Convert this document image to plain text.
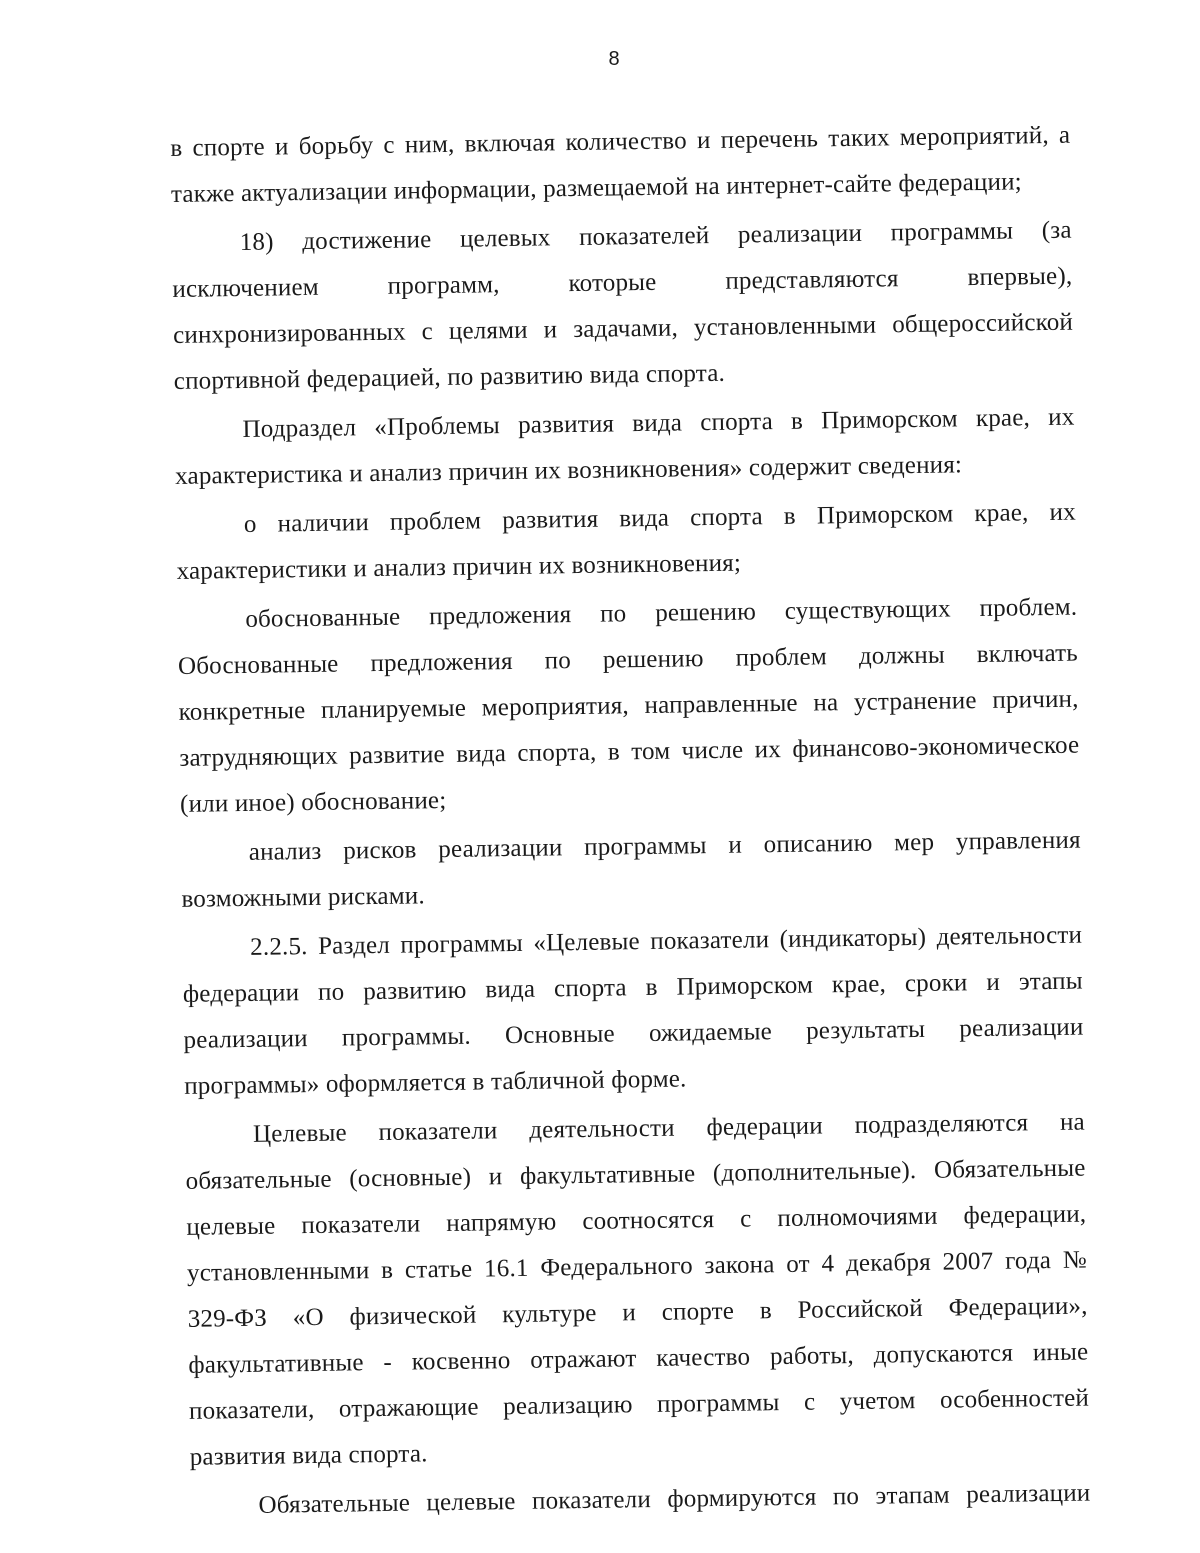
8
в спорте и борьбу с ним, включая количество и перечень таких мероприятий, а
также актуализации информации, размещаемой на интернет-сайте федерации;
18) достижение целевых показателей реализации программы (за
исключением программ, которые представляются впервые),
синхронизированных с целями и задачами, установленными общероссийской
спортивной федерацией, по развитию вида спорта.
Подраздел «Проблемы развития вида спорта в Приморском крае, их
характеристика и анализ причин их возникновения» содержит сведения:
о наличии проблем развития вида спорта в Приморском крае, их
характеристики и анализ причин их возникновения;
обоснованные предложения по решению существующих проблем.
Обоснованные предложения по решению проблем должны включать
конкретные планируемые мероприятия, направленные на устранение причин,
затрудняющих развитие вида спорта, в том числе их финансово-экономическое
(или иное) обоснование;
анализ рисков реализации программы и описанию мер управления
возможными рисками.
2.2.5. Раздел программы «Целевые показатели (индикаторы) деятельности
федерации по развитию вида спорта в Приморском крае, сроки и этапы
реализации программы. Основные ожидаемые результаты реализации
программы» оформляется в табличной форме.
Целевые показатели деятельности федерации подразделяются на
обязательные (основные) и факультативные (дополнительные). Обязательные
целевые показатели напрямую соотносятся с полномочиями федерации,
установленными в статье 16.1 Федерального закона от 4 декабря 2007 года №
329-ФЗ «О физической культуре и спорте в Российской Федерации»,
факультативные - косвенно отражают качество работы, допускаются иные
показатели, отражающие реализацию программы с учетом особенностей
развития вида спорта.
Обязательные целевые показатели формируются по этапам реализации
